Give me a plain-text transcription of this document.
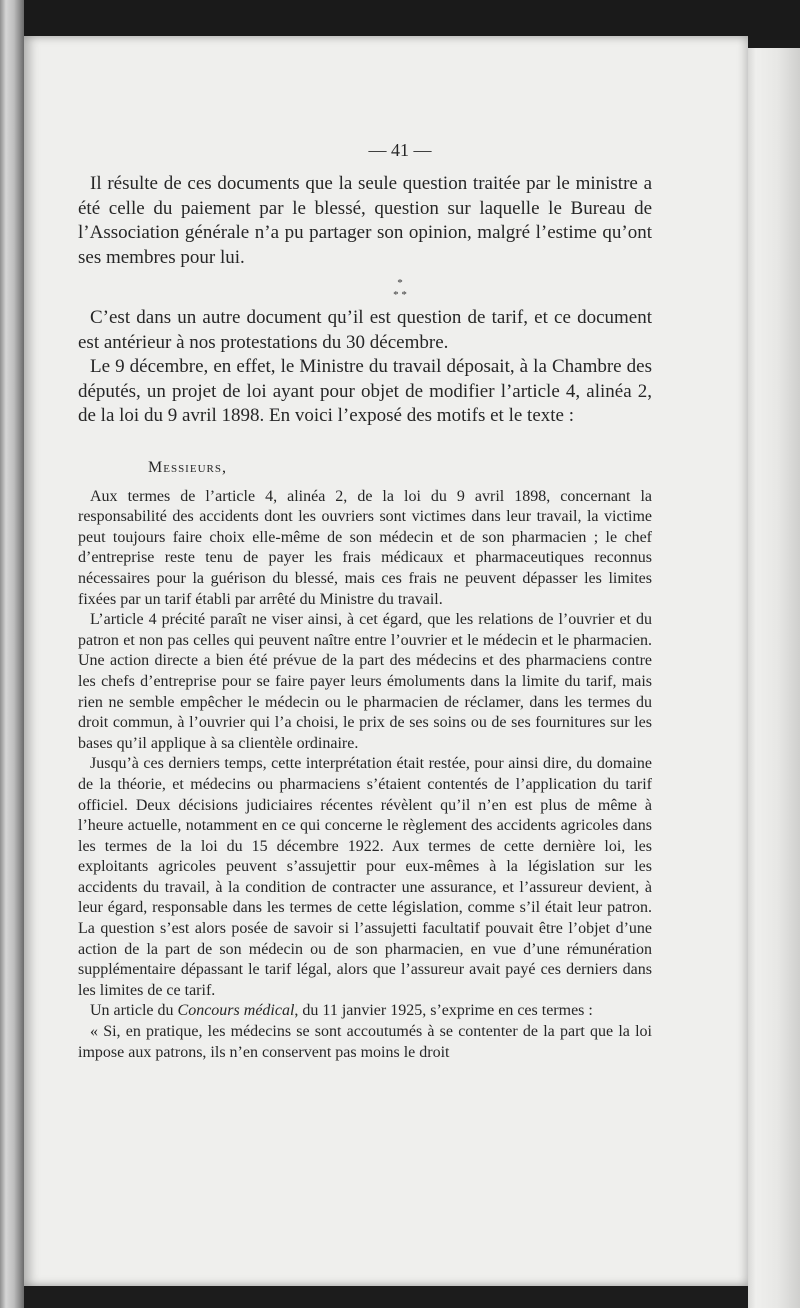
— 41 —

Il résulte de ces documents que la seule question traitée par le ministre a été celle du paiement par le blessé, question sur laquelle le Bureau de l’Association générale n’a pu partager son opinion, malgré l’estime qu’ont ses membres pour lui.

*
* *

C’est dans un autre document qu’il est question de tarif, et ce document est antérieur à nos protestations du 30 décembre.

Le 9 décembre, en effet, le Ministre du travail déposait, à la Chambre des députés, un projet de loi ayant pour objet de modifier l’article 4, alinéa 2, de la loi du 9 avril 1898. En voici l’exposé des motifs et le texte :

Messieurs,

Aux termes de l’article 4, alinéa 2, de la loi du 9 avril 1898, concernant la responsabilité des accidents dont les ouvriers sont victimes dans leur travail, la victime peut toujours faire choix elle-même de son médecin et de son pharmacien ; le chef d’entreprise reste tenu de payer les frais médicaux et pharmaceutiques reconnus nécessaires pour la guérison du blessé, mais ces frais ne peuvent dépasser les limites fixées par un tarif établi par arrêté du Ministre du travail.

L’article 4 précité paraît ne viser ainsi, à cet égard, que les relations de l’ouvrier et du patron et non pas celles qui peuvent naître entre l’ouvrier et le médecin et le pharmacien. Une action directe a bien été prévue de la part des médecins et des pharmaciens contre les chefs d’entreprise pour se faire payer leurs émoluments dans la limite du tarif, mais rien ne semble empêcher le médecin ou le pharmacien de réclamer, dans les termes du droit commun, à l’ouvrier qui l’a choisi, le prix de ses soins ou de ses fournitures sur les bases qu’il applique à sa clientèle ordinaire.

Jusqu’à ces derniers temps, cette interprétation était restée, pour ainsi dire, du domaine de la théorie, et médecins ou pharmaciens s’étaient contentés de l’application du tarif officiel. Deux décisions judiciaires récentes révèlent qu’il n’en est plus de même à l’heure actuelle, notamment en ce qui concerne le règlement des accidents agricoles dans les termes de la loi du 15 décembre 1922. Aux termes de cette dernière loi, les exploitants agricoles peuvent s’assujettir pour eux-mêmes à la législation sur les accidents du travail, à la condition de contracter une assurance, et l’assureur devient, à leur égard, responsable dans les termes de cette législation, comme s’il était leur patron. La question s’est alors posée de savoir si l’assujetti facultatif pouvait être l’objet d’une action de la part de son médecin ou de son pharmacien, en vue d’une rémunération supplémentaire dépassant le tarif légal, alors que l’assureur avait payé ces derniers dans les limites de ce tarif.

Un article du Concours médical, du 11 janvier 1925, s’exprime en ces termes :

« Si, en pratique, les médecins se sont accoutumés à se contenter de la part que la loi impose aux patrons, ils n’en conservent pas moins le droit
